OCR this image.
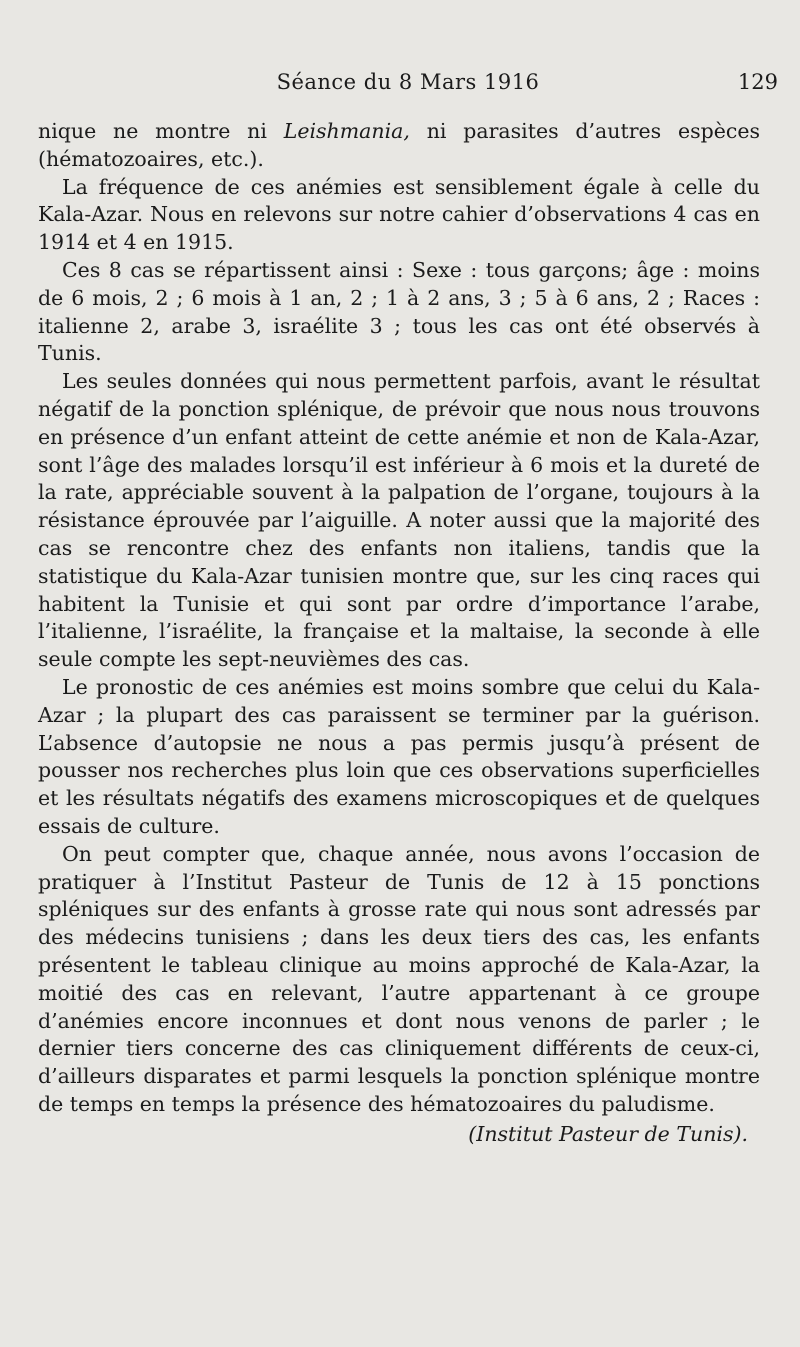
Séance du 8 Mars 1916	129

nique ne montre ni Leishmania, ni parasites d’autres espèces (hématozoaires, etc.).

La fréquence de ces anémies est sensiblement égale à celle du Kala-Azar. Nous en relevons sur notre cahier d’observations 4 cas en 1914 et 4 en 1915.

Ces 8 cas se répartissent ainsi : Sexe : tous garçons; âge : moins de 6 mois, 2 ; 6 mois à 1 an, 2 ; 1 à 2 ans, 3 ; 5 à 6 ans, 2 ; Races : italienne 2, arabe 3, israélite 3 ; tous les cas ont été observés à Tunis.

Les seules données qui nous permettent parfois, avant le résultat négatif de la ponction splénique, de prévoir que nous nous trouvons en présence d’un enfant atteint de cette anémie et non de Kala-Azar, sont l’âge des malades lorsqu’il est inférieur à 6 mois et la dureté de la rate, appréciable souvent à la palpation de l’organe, toujours à la résistance éprouvée par l’aiguille. A noter aussi que la majorité des cas se rencontre chez des enfants non italiens, tandis que la statistique du Kala-Azar tunisien montre que, sur les cinq races qui habitent la Tunisie et qui sont par ordre d’importance l’arabe, l’italienne, l’israélite, la française et la maltaise, la seconde à elle seule compte les sept-neuvièmes des cas.

Le pronostic de ces anémies est moins sombre que celui du Kala-Azar ; la plupart des cas paraissent se terminer par la guérison. L’absence d’autopsie ne nous a pas permis jusqu’à présent de pousser nos recherches plus loin que ces observations superficielles et les résultats négatifs des examens microscopiques et de quelques essais de culture.

On peut compter que, chaque année, nous avons l’occasion de pratiquer à l’Institut Pasteur de Tunis de 12 à 15 ponctions spléniques sur des enfants à grosse rate qui nous sont adressés par des médecins tunisiens ; dans les deux tiers des cas, les enfants présentent le tableau clinique au moins approché de Kala-Azar, la moitié des cas en relevant, l’autre appartenant à ce groupe d’anémies encore inconnues et dont nous venons de parler ; le dernier tiers concerne des cas cliniquement différents de ceux-ci, d’ailleurs disparates et parmi lesquels la ponction splénique montre de temps en temps la présence des hématozoaires du paludisme.

(Institut Pasteur de Tunis).
